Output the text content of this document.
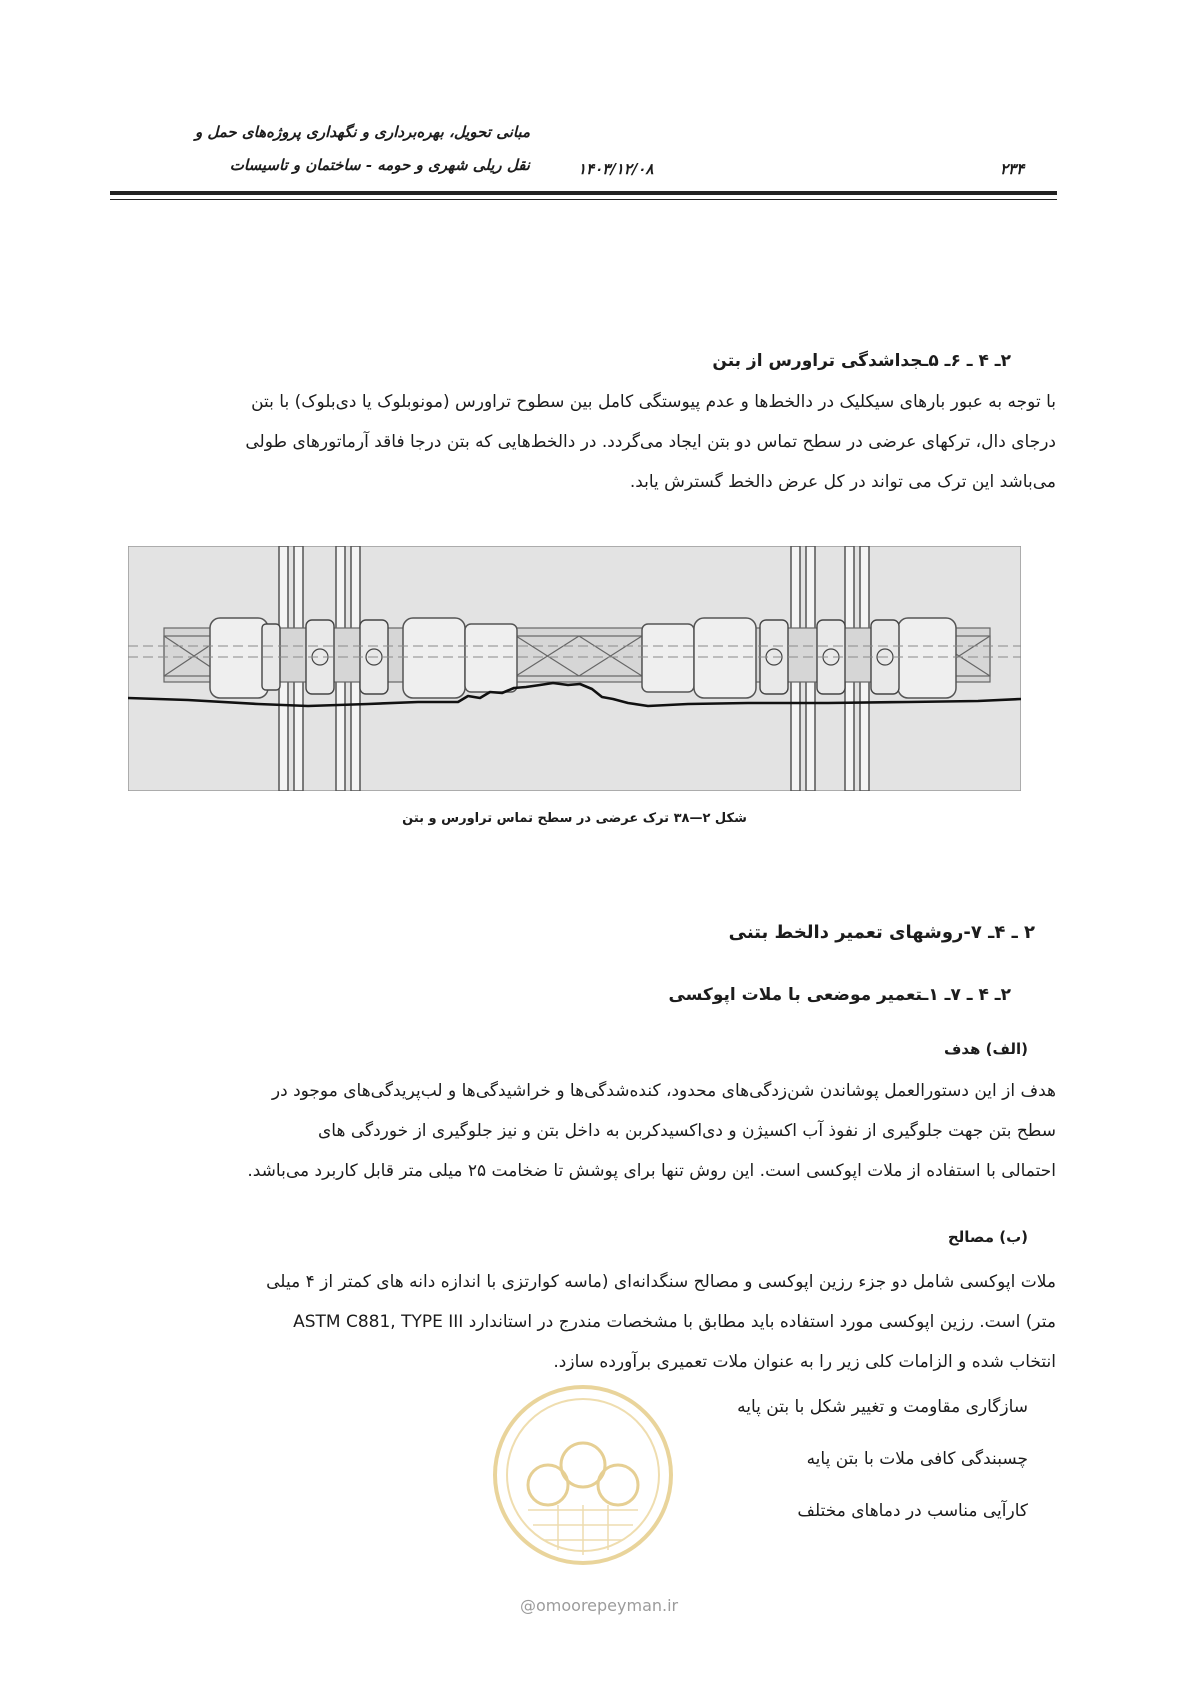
مبانی تحویل، بهره‌برداری و نگهداری پروژه‌های حمل و
نقل ریلی شهری و حومه - ساختمان و تاسیسات	۱۴۰۳/۱۲/۰۸	۲۳۴
۲ـ ۴ ـ ۶ـ ۵ـجداشدگی تراورس از بتن
با توجه به عبور بارهای سیکلیک در دالخط‌ها و عدم پیوستگی کامل بین سطوح تراورس (مونوبلوک یا دی‌بلوک) با بتن
درجای دال، ترکهای عرضی در سطح تماس دو بتن ایجاد می‌گردد. در دالخط‌هایی که بتن درجا فاقد آرماتورهای طولی
می‌باشد این ترک می تواند در کل عرض دالخط گسترش یابد.
شکل ۲—۳۸ ترک عرضی در سطح تماس تراورس و بتن
۲ ـ ۴ـ ۷-روشهای تعمیر دالخط بتنی
۲ـ ۴ ـ ۷ـ ۱ـتعمیر موضعی با ملات اپوکسی
(الف) هدف
هدف از این دستورالعمل پوشاندن شن‌زدگی‌های محدود، کنده‌شدگی‌ها و خراشیدگی‌ها و لب‌پریدگی‌های موجود در
سطح بتن جهت جلوگیری از نفوذ آب اکسیژن و دی‌اکسیدکربن به داخل بتن و نیز جلوگیری از خوردگی های
احتمالی با استفاده از ملات اپوکسی است. این روش تنها برای پوشش تا ضخامت ۲۵ میلی متر قابل کاربرد می‌باشد.
(ب) مصالح
ملات اپوکسی شامل دو جزء رزین اپوکسی و مصالح سنگدانه‌ای (ماسه کوارتزی با اندازه دانه های کمتر از ۴ میلی
متر) است. رزین اپوکسی مورد استفاده باید مطابق با مشخصات مندرج در استاندارد ASTM C881, TYPE III
انتخاب شده و الزامات کلی زیر را به عنوان ملات تعمیری برآورده سازد.
سازگاری مقاومت و تغییر شکل با بتن پایه
چسبندگی کافی ملات با بتن پایه
کارآیی مناسب در دماهای مختلف
@omoorepeyman.ir
